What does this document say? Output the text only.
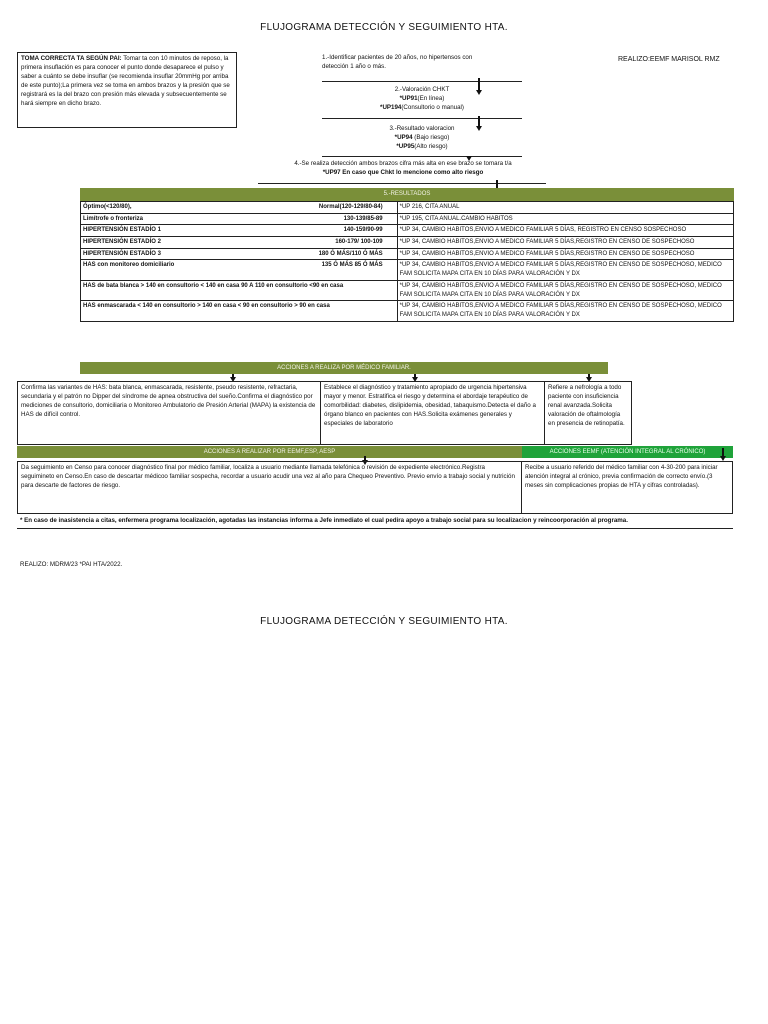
FLUJOGRAMA DETECCIÓN Y SEGUIMIENTO HTA.
TOMA CORRECTA TA SEGÚN PAI: Tomar ta con 10 minutos de reposo, la primera insuflación es para conocer el punto donde desaparece el pulso y saber a cuánto se debe insuflar (se recomienda insuflar 20mmHg por arriba de este punto);La primera vez se toma en ambos brazos y la presión que se registrará es la del brazo con presión más elevada y subsecuentemente se hará siempre en dicho brazo.
REALIZO:EEMF MARISOL RMZ
1.-Identificar pacientes de 20 años, no hipertensos con
detección 1 año o más.
2.-Valoración CHKT
*UP91(En línea)
*UP194(Consultorio o manual)
3.-Resultado valoracion
*UP94 (Bajo riesgo)
*UP95(Alto riesgo)
4.-Se realiza detección ambos brazos cifra más alta en ese brazo se tomara t/a
*UP97 En caso que Chkt lo mencione como alto riesgo
5.-RESULTADOS
Óptimo(<120/80), Normal(120-129/80-84)	*UP 216, CITA ANUAL

Limítrofe o fronteriza 130-139/85-89	*UP 195, CITA ANUAL.CAMBIO HABITOS

HIPERTENSIÓN ESTADÍO 1 140-159/90-99	*UP 34, CAMBIO HABITOS,ENVIO A MEDICO FAMILIAR 5 DÍAS, REGISTRO EN CENSO SOSPECHOSO

HIPERTENSIÓN ESTADÍO 2 160-179/ 100-109	*UP 34, CAMBIO HABITOS,ENVIO A MEDICO FAMILIAR 5 DÍAS,REGISTRO EN CENSO DE SOSPECHOSO

HIPERTENSIÓN ESTADÍO 3 180 Ó MÁS/110 Ó MÁS	*UP 34, CAMBIO HABITOS,ENVIO A MEDICO FAMILIAR 5 DÍAS,REGISTRO EN CENSO DE SOSPECHOSO

HAS con monitoreo domiciliario 135 Ó MÁS 85 Ó MÁS	*UP 34, CAMBIO HABITOS,ENVIO A MEDICO FAMILIAR 5 DÍAS,REGISTRO EN CENSO DE SOSPECHOSO, MEDICO FAM SOLICITA MAPA CITA EN 10 DÍAS PARA VALORACIÓN Y DX

HAS de bata blanca > 140 en consultorio < 140 en casa 90 A 110 en consultorio <90 en casa	*UP 34, CAMBIO HABITOS,ENVIO A MEDICO FAMILIAR 5 DÍAS,REGISTRO EN CENSO DE SOSPECHOSO, MEDICO FAM SOLICITA MAPA CITA EN 10 DÍAS PARA VALORACIÓN Y DX

HAS enmascarada < 140 en consultorio > 140 en casa < 90 en consultorio > 90 en casa	*UP 34, CAMBIO HABITOS,ENVIO A MEDICO FAMILIAR 5 DÍAS,REGISTRO EN CENSO DE SOSPECHOSO, MEDICO FAM SOLICITA MAPA CITA EN 10 DÍAS PARA VALORACIÓN Y DX
ACCIONES A REALIZA POR MÉDICO FAMILIAR.
Confirma las variantes de HAS: bata blanca, enmascarada, resistente, pseudo resistente, refractaria, secundaria y el patrón no Dipper del síndrome de apnea obstructiva del sueño.Confirma el diagnóstico por mediciones de consultorio, domiciliaria o Monitoreo Ambulatorio de Presión Arterial (MAPA) la existencia de HAS de difícil control.
Establece el diagnóstico y tratamiento apropiado de urgencia hipertensiva mayor y menor. Estratifica el riesgo y determina el abordaje terapéutico de comorbilidad: diabetes, dislipidemia, obesidad, tabaquismo.Detecta el daño a órgano blanco en pacientes con HAS.Solicita exámenes generales y especiales de laboratorio
Refiere a nefrología a todo paciente con insuficiencia renal avanzada.Solicita valoración de oftalmología en presencia de retinopatía.
ACCIONES A REALIZAR POR EEMF,ESP, AESP	ACCIONES EEMF (ATENCIÓN INTEGRAL AL CRÓNICO)
Da seguimiento en Censo para conocer diagnóstico final por médico familiar, localiza a usuario mediante llamada telefónica o revisión de expediente electrónico.Registra seguimineto en Censo.En caso de descartar médicoo familiar sospecha, recordar a usuario acudir una vez al año para Chequeo Preventivo. Previo envío a trabajo social y nutrición para descarte de factores de riesgo.
Recibe a usuario referido del médico familiar con 4-30-200 para iniciar atención integral al crónico, previa confirmación de correcto envío.(3 meses sin complicaciones propias de HTA y cifras controladas).
* En caso de inasistencia a citas, enfermera programa localización, agotadas las instancias informa a Jefe inmediato el cual pedira apoyo a trabajo social para su localizacion y reincoorporación al programa.
REALIZO: MDRM/23 *PAI HTA/2022.
FLUJOGRAMA DETECCIÓN Y SEGUIMIENTO HTA.
